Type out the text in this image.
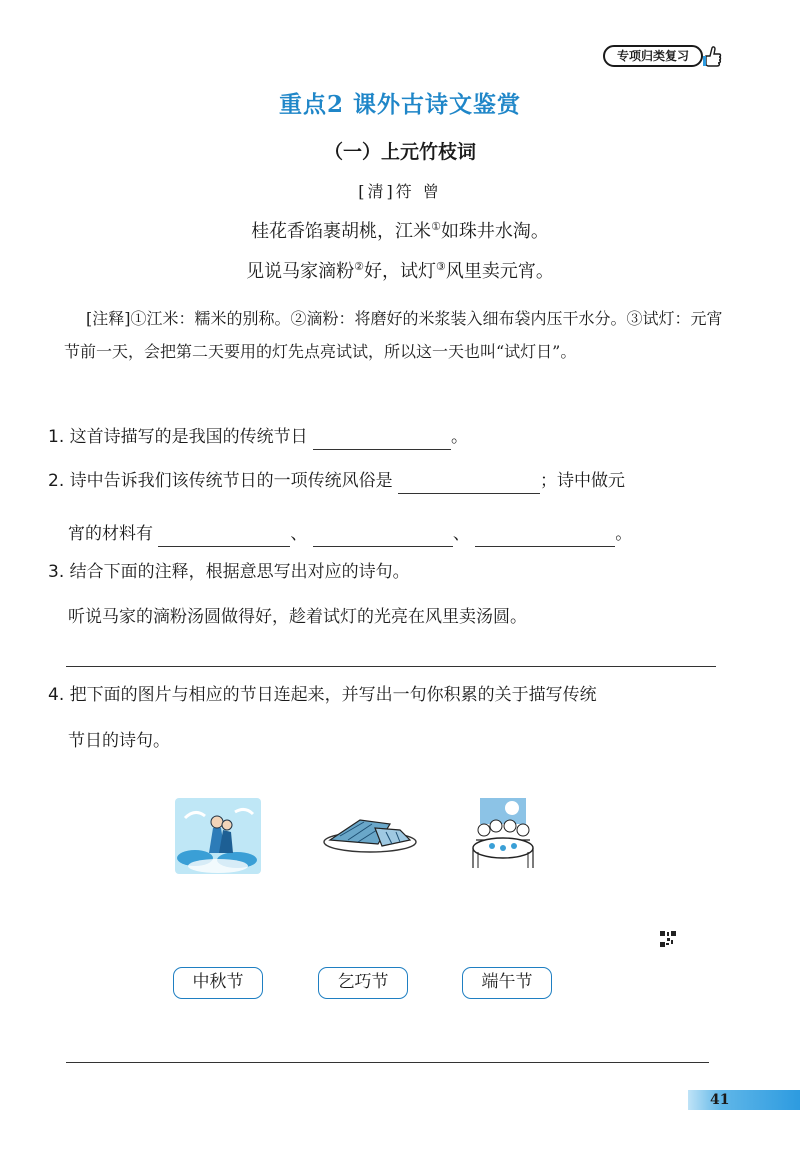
专项归类复习
重点2 课外古诗文鉴赏
（一）上元竹枝词
[清]符 曾
桂花香馅裹胡桃，江米①如珠井水淘。
见说马家滴粉②好，试灯③风里卖元宵。
[注释]①江米：糯米的别称。②滴粉：将磨好的米浆装入细布袋内压干水分。③试灯：元宵节前一天，会把第二天要用的灯先点亮试试，所以这一天也叫“试灯日”。
1. 这首诗描写的是我国的传统节日	。
2. 诗中告诉我们该传统节日的一项传统风俗是	；诗中做元
宵的材料有	、	、	。
3. 结合下面的注释，根据意思写出对应的诗句。
听说马家的滴粉汤圆做得好，趁着试灯的光亮在风里卖汤圆。
4. 把下面的图片与相应的节日连起来，并写出一句你积累的关于描写传统
节日的诗句。
中秋节	乞巧节	端午节
41
